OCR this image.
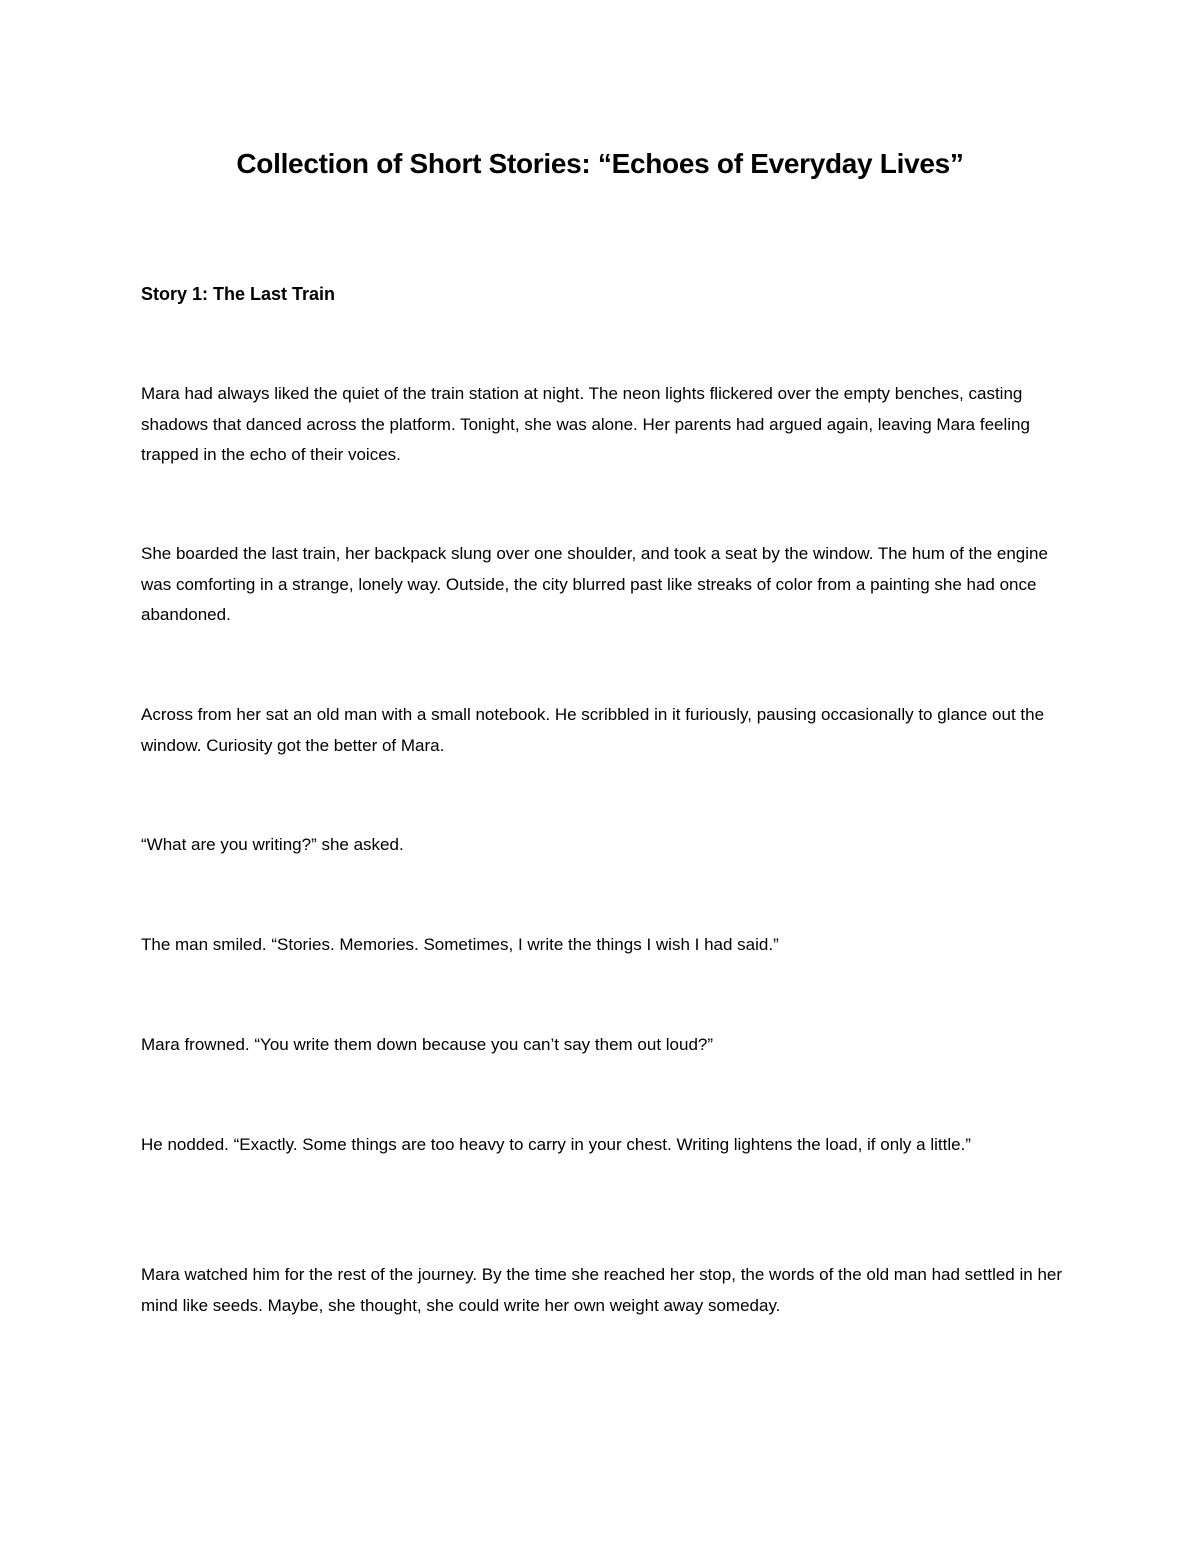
Collection of Short Stories: “Echoes of Everyday Lives”
Story 1: The Last Train

Mara had always liked the quiet of the train station at night. The neon lights flickered over the empty benches, casting shadows that danced across the platform. Tonight, she was alone. Her parents had argued again, leaving Mara feeling trapped in the echo of their voices.

She boarded the last train, her backpack slung over one shoulder, and took a seat by the window. The hum of the engine was comforting in a strange, lonely way. Outside, the city blurred past like streaks of color from a painting she had once abandoned.

Across from her sat an old man with a small notebook. He scribbled in it furiously, pausing occasionally to glance out the window. Curiosity got the better of Mara.

“What are you writing?” she asked.

The man smiled. “Stories. Memories. Sometimes, I write the things I wish I had said.”

Mara frowned. “You write them down because you can’t say them out loud?”

He nodded. “Exactly. Some things are too heavy to carry in your chest. Writing lightens the load, if only a little.”

Mara watched him for the rest of the journey. By the time she reached her stop, the words of the old man had settled in her mind like seeds. Maybe, she thought, she could write her own weight away someday.
